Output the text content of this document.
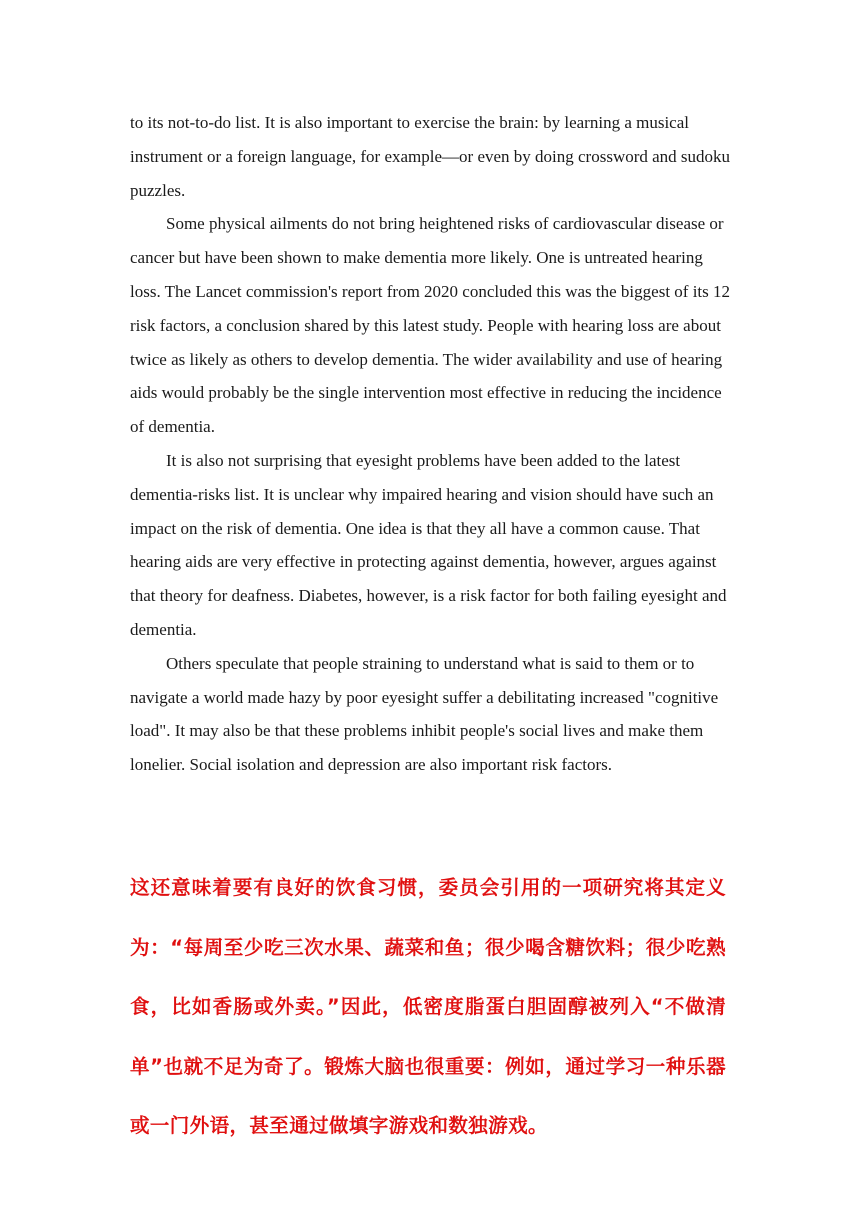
to its not-to-do list. It is also important to exercise the brain: by learning a musical instrument or a foreign language, for example—or even by doing crossword and sudoku puzzles.

Some physical ailments do not bring heightened risks of cardiovascular disease or cancer but have been shown to make dementia more likely. One is untreated hearing loss. The Lancet commission's report from 2020 concluded this was the biggest of its 12 risk factors, a conclusion shared by this latest study. People with hearing loss are about twice as likely as others to develop dementia. The wider availability and use of hearing aids would probably be the single intervention most effective in reducing the incidence of dementia.

It is also not surprising that eyesight problems have been added to the latest dementia-risks list. It is unclear why impaired hearing and vision should have such an impact on the risk of dementia. One idea is that they all have a common cause. That hearing aids are very effective in protecting against dementia, however, argues against that theory for deafness. Diabetes, however, is a risk factor for both failing eyesight and dementia.

Others speculate that people straining to understand what is said to them or to navigate a world made hazy by poor eyesight suffer a debilitating increased "cognitive load". It may also be that these problems inhibit people's social lives and make them lonelier. Social isolation and depression are also important risk factors.

这还意味着要有良好的饮食习惯，委员会引用的一项研究将其定义为：“每周至少吃三次水果、蔬菜和鱼；很少喝含糖饮料；很少吃熟食，比如香肠或外卖。”因此，低密度脂蛋白胆固醇被列入“不做清单”也就不足为奇了。锻炼大脑也很重要：例如，通过学习一种乐器或一门外语，甚至通过做填字游戏和数独游戏。
